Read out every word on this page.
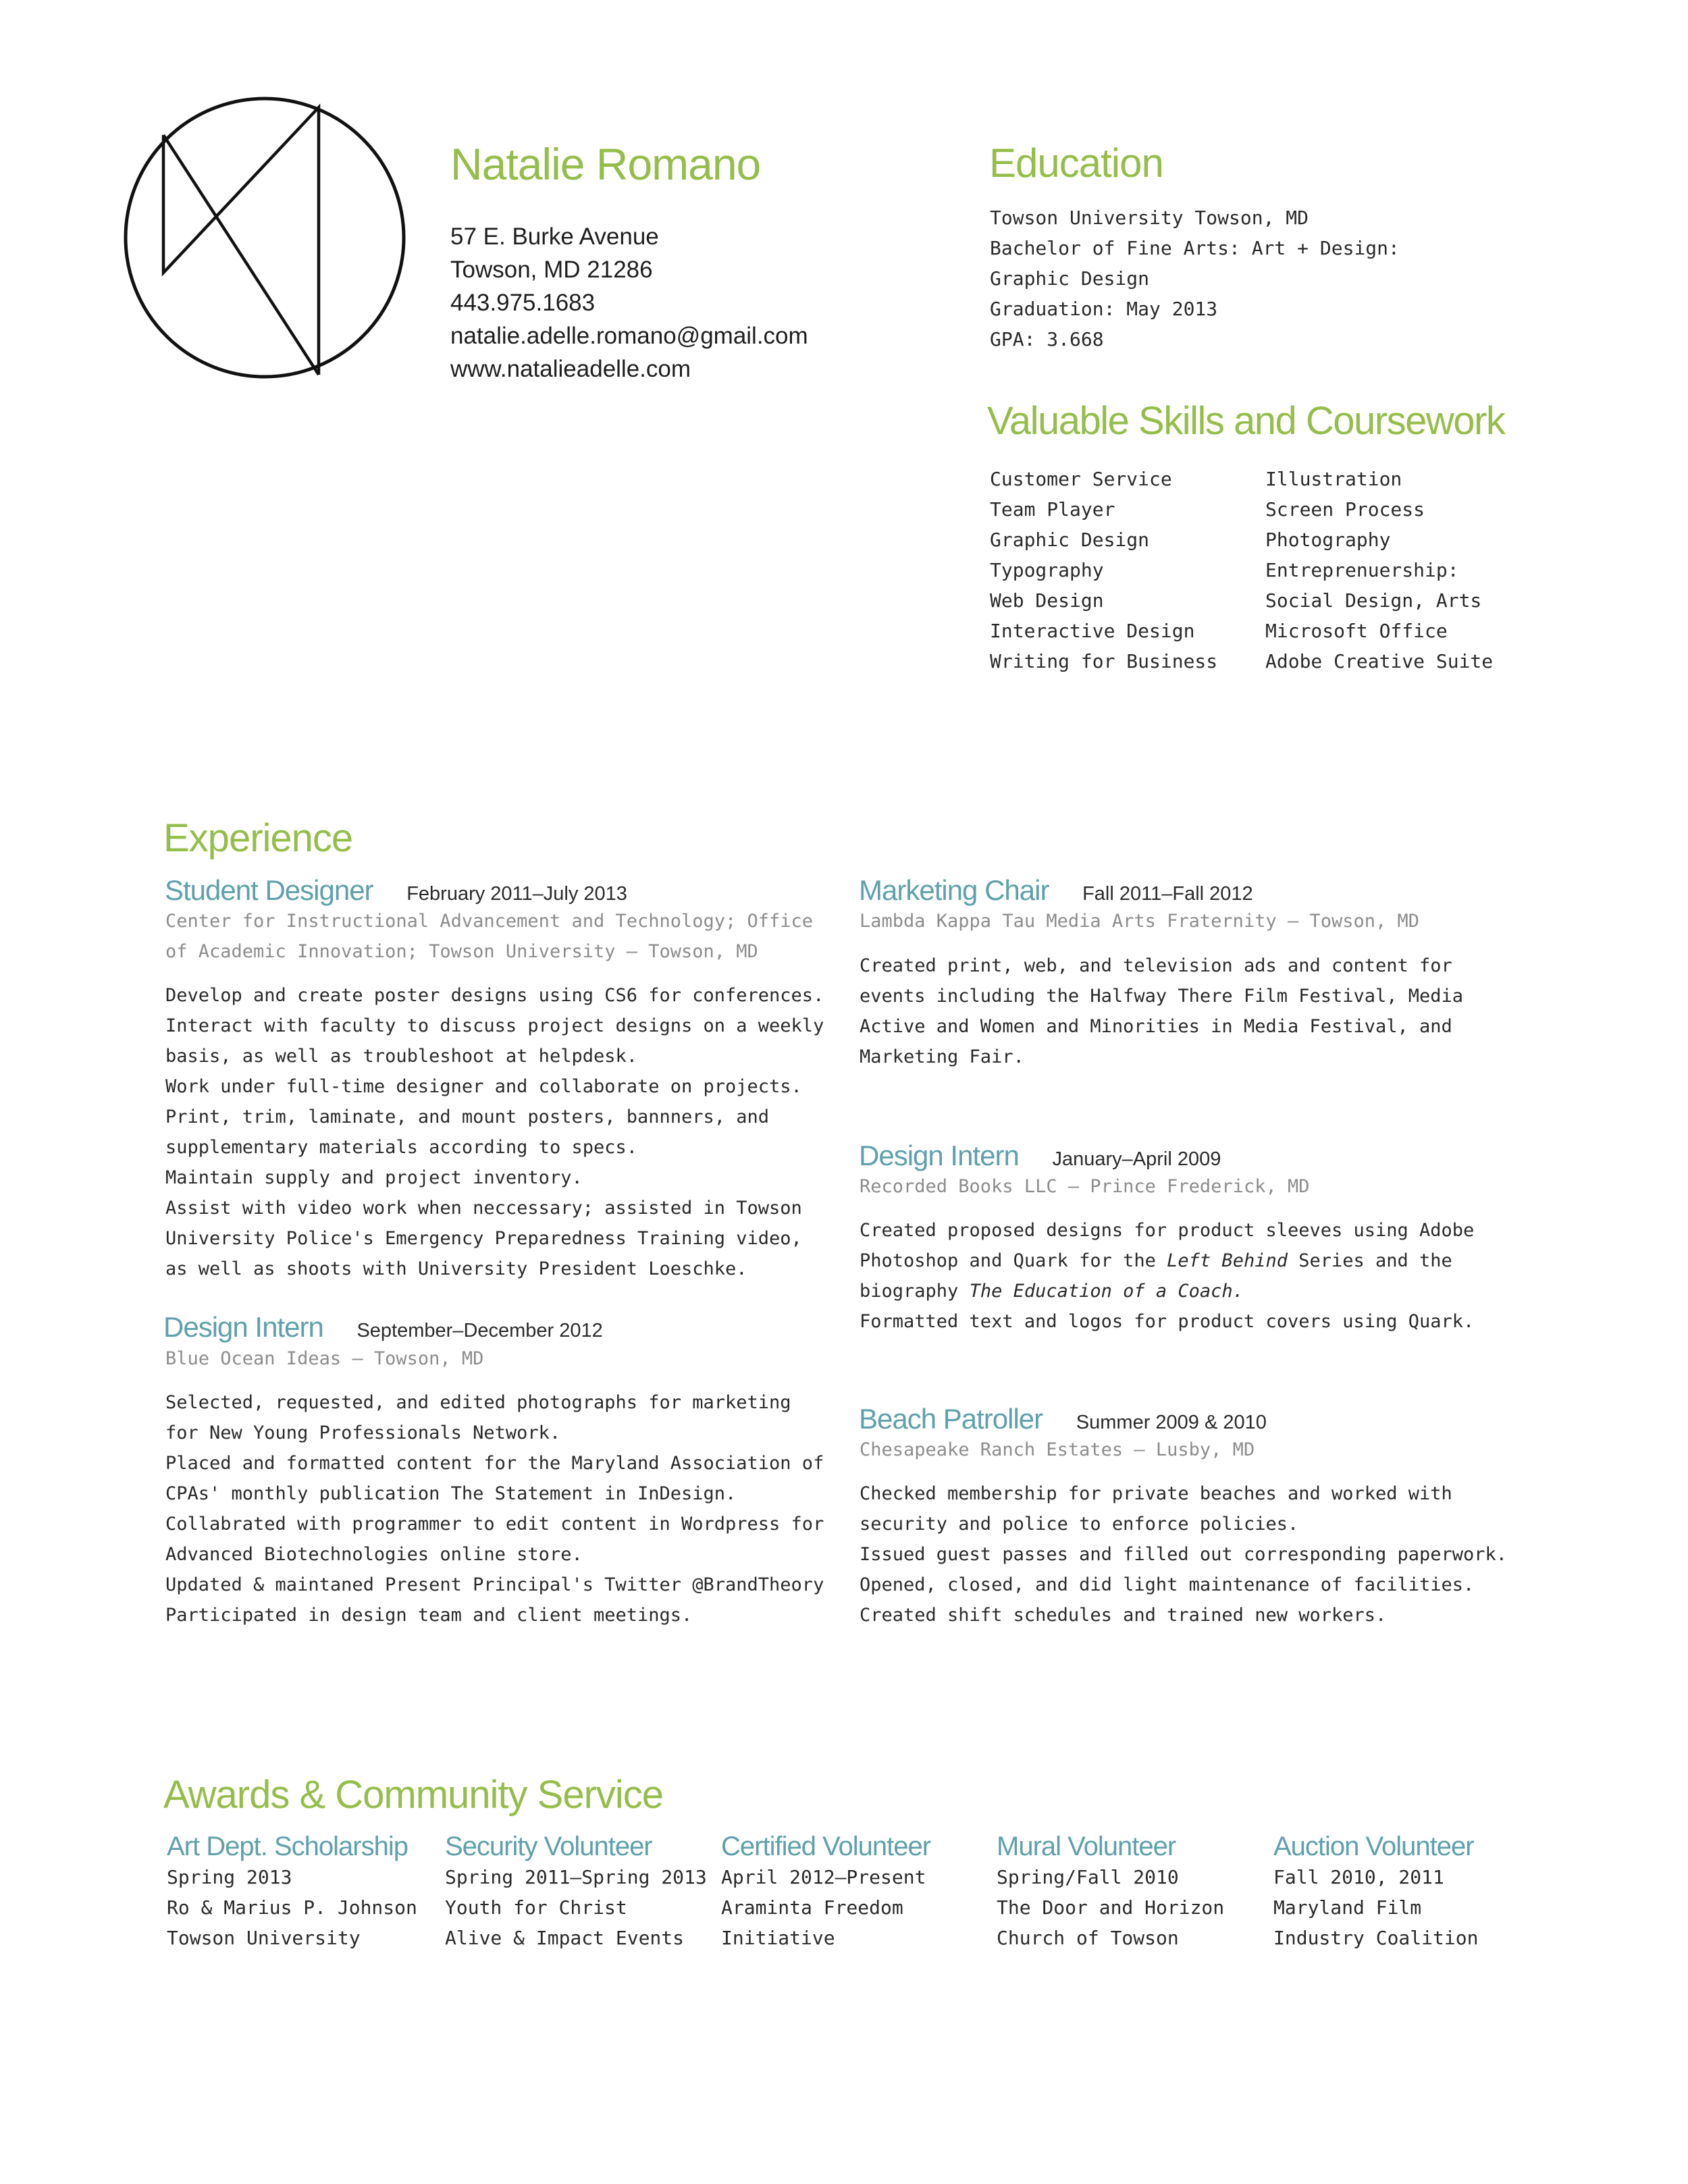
Natalie Romano
57 E. Burke Avenue
Towson, MD 21286
443.975.1683
natalie.adelle.romano@gmail.com
www.natalieadelle.com
Education
Towson University Towson, MD
Bachelor of Fine Arts: Art + Design:
Graphic Design
Graduation: May 2013
GPA: 3.668
Valuable Skills and Coursework
Customer Service
Team Player
Graphic Design
Typography
Web Design
Interactive Design
Writing for Business
Illustration
Screen Process
Photography
Entreprenuership:
Social Design, Arts
Microsoft Office
Adobe Creative Suite
Experience
Student Designer February 2011–July 2013
Center for Instructional Advancement and Technology; Office
of Academic Innovation; Towson University – Towson, MD
Develop and create poster designs using CS6 for conferences.
Interact with faculty to discuss project designs on a weekly
basis, as well as troubleshoot at helpdesk.
Work under full-time designer and collaborate on projects.
Print, trim, laminate, and mount posters, bannners, and
supplementary materials according to specs.
Maintain supply and project inventory.
Assist with video work when neccessary; assisted in Towson
University Police's Emergency Preparedness Training video,
as well as shoots with University President Loeschke.
Design Intern September–December 2012
Blue Ocean Ideas – Towson, MD
Selected, requested, and edited photographs for marketing
for New Young Professionals Network.
Placed and formatted content for the Maryland Association of
CPAs' monthly publication The Statement in InDesign.
Collabrated with programmer to edit content in Wordpress for
Advanced Biotechnologies online store.
Updated & maintaned Present Principal's Twitter @BrandTheory
Participated in design team and client meetings.
Marketing Chair Fall 2011–Fall 2012
Lambda Kappa Tau Media Arts Fraternity – Towson, MD
Created print, web, and television ads and content for
events including the Halfway There Film Festival, Media
Active and Women and Minorities in Media Festival, and
Marketing Fair.
Design Intern January–April 2009
Recorded Books LLC – Prince Frederick, MD
Created proposed designs for product sleeves using Adobe
Photoshop and Quark for the Left Behind Series and the
biography The Education of a Coach.
Formatted text and logos for product covers using Quark.
Beach Patroller Summer 2009 & 2010
Chesapeake Ranch Estates – Lusby, MD
Checked membership for private beaches and worked with
security and police to enforce policies.
Issued guest passes and filled out corresponding paperwork.
Opened, closed, and did light maintenance of facilities.
Created shift schedules and trained new workers.
Awards & Community Service
Art Dept. Scholarship
Spring 2013
Ro & Marius P. Johnson
Towson University
Security Volunteer
Spring 2011–Spring 2013
Youth for Christ
Alive & Impact Events
Certified Volunteer
April 2012–Present
Araminta Freedom
Initiative
Mural Volunteer
Spring/Fall 2010
The Door and Horizon
Church of Towson
Auction Volunteer
Fall 2010, 2011
Maryland Film
Industry Coalition
